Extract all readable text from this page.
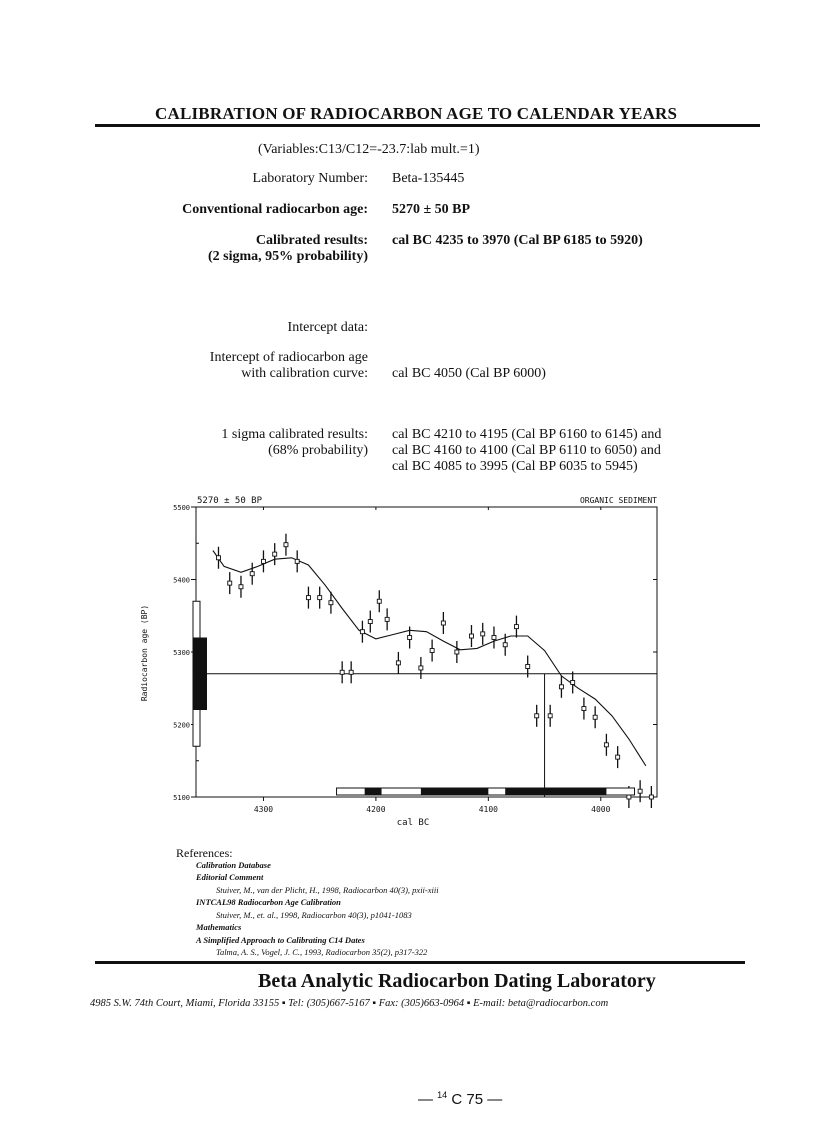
CALIBRATION OF RADIOCARBON AGE TO CALENDAR YEARS
(Variables:C13/C12=-23.7:lab mult.=1)
Laboratory Number: Beta-135445
Conventional radiocarbon age: 5270 ± 50 BP
Calibrated results:
(2 sigma, 95% probability)
cal BC 4235 to 3970 (Cal BP 6185 to 5920)
Intercept data:
Intercept of radiocarbon age
with calibration curve: cal BC 4050 (Cal BP 6000)
1 sigma calibrated results:
(68% probability)
cal BC 4210 to 4195 (Cal BP 6160 to 6145) and
cal BC 4160 to 4100 (Cal BP 6110 to 6050) and
cal BC 4085 to 3995 (Cal BP 6035 to 5945)
5100
5200
5300
5400
5500
4300	4200	4100	4000
5270 ± 50 BP	ORGANIC SEDIMENT
cal BC
Radiocarbon age (BP)
References:
Calibration Database
Editorial Comment
Stuiver, M., van der Plicht, H., 1998, Radiocarbon 40(3), pxii-xiii
INTCAL98 Radiocarbon Age Calibration
Stuiver, M., et. al., 1998, Radiocarbon 40(3), p1041-1083
Mathematics
A Simplified Approach to Calibrating C14 Dates
Talma, A. S., Vogel, J. C., 1993, Radiocarbon 35(2), p317-322
Beta Analytic Radiocarbon Dating Laboratory
4985 S.W. 74th Court, Miami, Florida 33155 ▪ Tel: (305)667-5167 ▪ Fax: (305)663-0964 ▪ E-mail: beta@radiocarbon.com
— $^{14}$ C 75 —
